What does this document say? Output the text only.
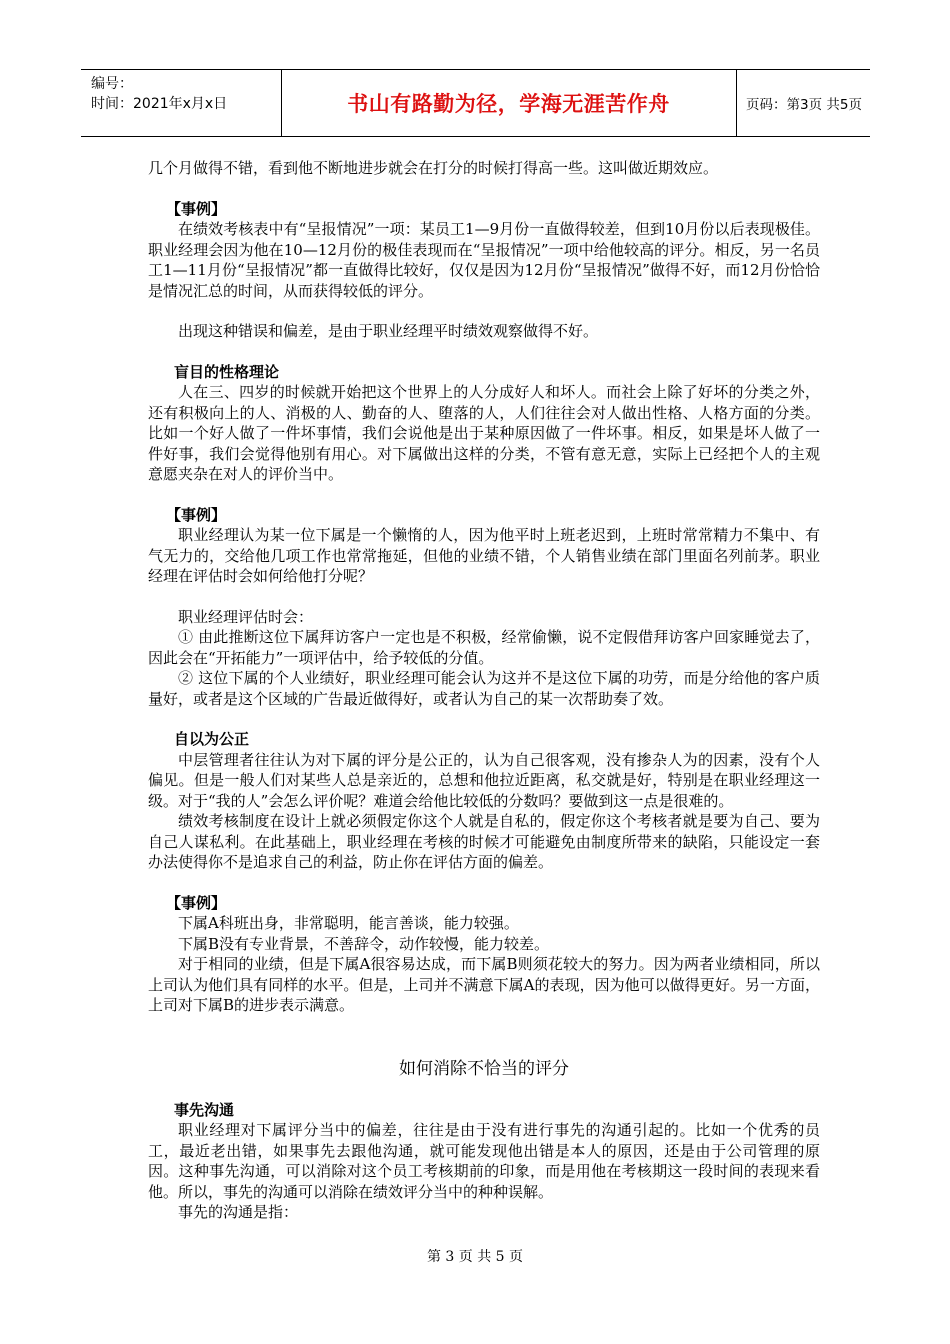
编号：
时间：2021年x月x日	书山有路勤为径，学海无涯苦作舟	页码：第3页 共5页

几个月做得不错，看到他不断地进步就会在打分的时候打得高一些。这叫做近期效应。

【事例】

在绩效考核表中有“呈报情况”一项：某员工1—9月份一直做得较差，但到10月份以后表现极佳。职业经理会因为他在10—12月份的极佳表现而在“呈报情况”一项中给他较高的评分。相反，另一名员工1—11月份“呈报情况”都一直做得比较好，仅仅是因为12月份“呈报情况”做得不好，而12月份恰恰是情况汇总的时间，从而获得较低的评分。

出现这种错误和偏差，是由于职业经理平时绩效观察做得不好。

盲目的性格理论

人在三、四岁的时候就开始把这个世界上的人分成好人和坏人。而社会上除了好坏的分类之外，还有积极向上的人、消极的人、勤奋的人、堕落的人，人们往往会对人做出性格、人格方面的分类。比如一个好人做了一件坏事情，我们会说他是出于某种原因做了一件坏事。相反，如果是坏人做了一件好事，我们会觉得他别有用心。对下属做出这样的分类，不管有意无意，实际上已经把个人的主观意愿夹杂在对人的评价当中。

【事例】

职业经理认为某一位下属是一个懒惰的人，因为他平时上班老迟到，上班时常常精力不集中、有气无力的，交给他几项工作也常常拖延，但他的业绩不错，个人销售业绩在部门里面名列前茅。职业经理在评估时会如何给他打分呢？

职业经理评估时会：

① 由此推断这位下属拜访客户一定也是不积极，经常偷懒，说不定假借拜访客户回家睡觉去了，因此会在“开拓能力”一项评估中，给予较低的分值。

② 这位下属的个人业绩好，职业经理可能会认为这并不是这位下属的功劳，而是分给他的客户质量好，或者是这个区域的广告最近做得好，或者认为自己的某一次帮助奏了效。

自以为公正

中层管理者往往认为对下属的评分是公正的，认为自己很客观，没有掺杂人为的因素，没有个人偏见。但是一般人们对某些人总是亲近的，总想和他拉近距离，私交就是好，特别是在职业经理这一级。对于“我的人”会怎么评价呢？难道会给他比较低的分数吗？要做到这一点是很难的。

绩效考核制度在设计上就必须假定你这个人就是自私的，假定你这个考核者就是要为自己、要为自己人谋私利。在此基础上，职业经理在考核的时候才可能避免由制度所带来的缺陷，只能设定一套办法使得你不是追求自己的利益，防止你在评估方面的偏差。

【事例】

下属A科班出身，非常聪明，能言善谈，能力较强。

下属B没有专业背景，不善辞令，动作较慢，能力较差。

对于相同的业绩，但是下属A很容易达成，而下属B则须花较大的努力。因为两者业绩相同，所以上司认为他们具有同样的水平。但是，上司并不满意下属A的表现，因为他可以做得更好。另一方面，上司对下属B的进步表示满意。

如何消除不恰当的评分
事先沟通

职业经理对下属评分当中的偏差，往往是由于没有进行事先的沟通引起的。比如一个优秀的员工，最近老出错，如果事先去跟他沟通，就可能发现他出错是本人的原因，还是由于公司管理的原因。这种事先沟通，可以消除对这个员工考核期前的印象，而是用他在考核期这一段时间的表现来看他。所以，事先的沟通可以消除在绩效评分当中的种种误解。

事先的沟通是指：

第 3 页 共 5 页
